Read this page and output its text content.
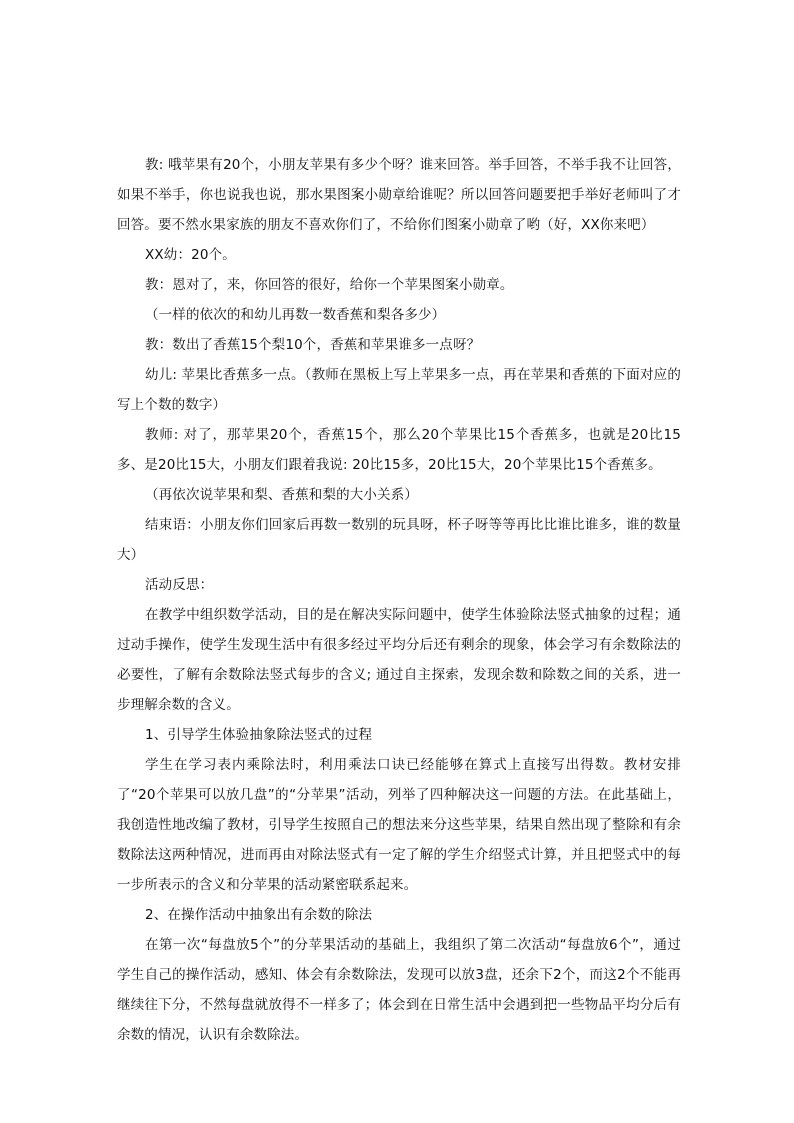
教: 哦苹果有20个，小朋友苹果有多少个呀？谁来回答。举手回答，不举手我不让回答，如果不举手，你也说我也说，那水果图案小勋章给谁呢？所以回答问题要把手举好老师叫了才回答。要不然水果家族的朋友不喜欢你们了，不给你们图案小勋章了哟（好，XX你来吧）

XX幼：20个。

教：恩对了，来，你回答的很好，给你一个苹果图案小勋章。

（一样的依次的和幼儿再数一数香蕉和梨各多少）

教：数出了香蕉15个梨10个，香蕉和苹果谁多一点呀？

幼儿: 苹果比香蕉多一点。（教师在黑板上写上苹果多一点，再在苹果和香蕉的下面对应的写上个数的数字）

教师: 对了，那苹果20个，香蕉15个，那么20个苹果比15个香蕉多，也就是20比15多、是20比15大，小朋友们跟着我说: 20比15多，20比15大，20个苹果比15个香蕉多。

（再依次说苹果和梨、香蕉和梨的大小关系）

结束语：小朋友你们回家后再数一数别的玩具呀，杯子呀等等再比比谁比谁多，谁的数量大）

活动反思：

在教学中组织数学活动，目的是在解决实际问题中，使学生体验除法竖式抽象的过程；通过动手操作，使学生发现生活中有很多经过平均分后还有剩余的现象，体会学习有余数除法的必要性，了解有余数除法竖式每步的含义; 通过自主探索，发现余数和除数之间的关系，进一步理解余数的含义。

1、引导学生体验抽象除法竖式的过程

学生在学习表内乘除法时，利用乘法口诀已经能够在算式上直接写出得数。教材安排了“20个苹果可以放几盘”的“分苹果”活动，列举了四种解决这一问题的方法。在此基础上，我创造性地改编了教材，引导学生按照自己的想法来分这些苹果，结果自然出现了整除和有余数除法这两种情况，进而再由对除法竖式有一定了解的学生介绍竖式计算，并且把竖式中的每一步所表示的含义和分苹果的活动紧密联系起来。

2、在操作活动中抽象出有余数的除法

在第一次“每盘放5个”的分苹果活动的基础上，我组织了第二次活动“每盘放6个”，通过学生自己的操作活动，感知、体会有余数除法，发现可以放3盘，还余下2个，而这2个不能再继续往下分，不然每盘就放得不一样多了；体会到在日常生活中会遇到把一些物品平均分后有余数的情况，认识有余数除法。
